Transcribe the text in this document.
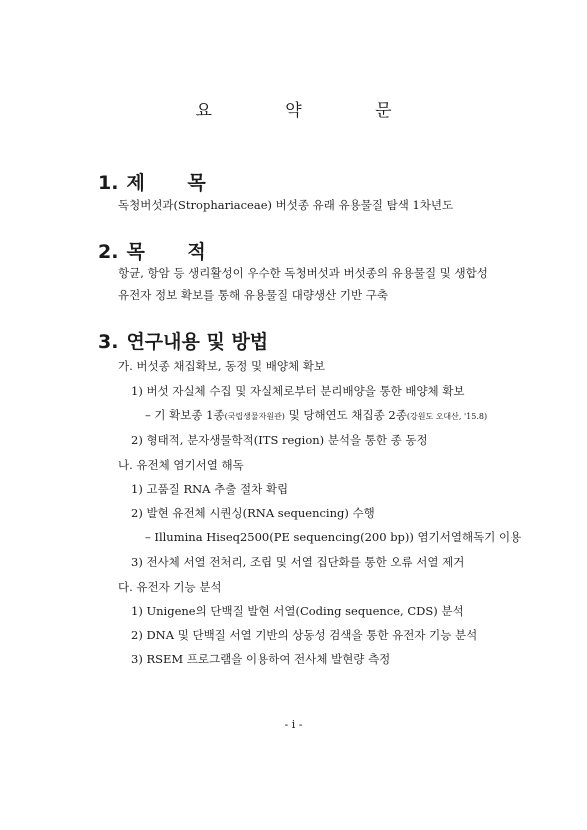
요 약 문
1. 제 목
독청버섯과(Strophariaceae) 버섯종 유래 유용물질 탐색 1차년도
2. 목 적
항균, 항암 등 생리활성이 우수한 독청버섯과 버섯종의 유용물질 및 생합성
유전자 정보 확보를 통해 유용물질 대량생산 기반 구축
3. 연구내용 및 방법
가. 버섯종 채집확보, 동정 및 배양체 확보
1) 버섯 자실체 수집 및 자실체로부터 분리배양을 통한 배양체 확보
– 기 확보종 1종(국립생물자원관) 및 당해연도 채집종 2종(강원도 오대산, '15.8)
2) 형태적, 분자생물학적(ITS region) 분석을 통한 종 동정
나. 유전체 염기서열 해독
1) 고품질 RNA 추출 절차 확립
2) 발현 유전체 시퀀싱(RNA sequencing) 수행
– Illumina Hiseq2500(PE sequencing(200 bp)) 염기서열해독기 이용
3) 전사체 서열 전처리, 조립 및 서열 집단화를 통한 오류 서열 제거
다. 유전자 기능 분석
1) Unigene의 단백질 발현 서열(Coding sequence, CDS) 분석
2) DNA 및 단백질 서열 기반의 상동성 검색을 통한 유전자 기능 분석
3) RSEM 프로그램을 이용하여 전사체 발현량 측정
- i -
